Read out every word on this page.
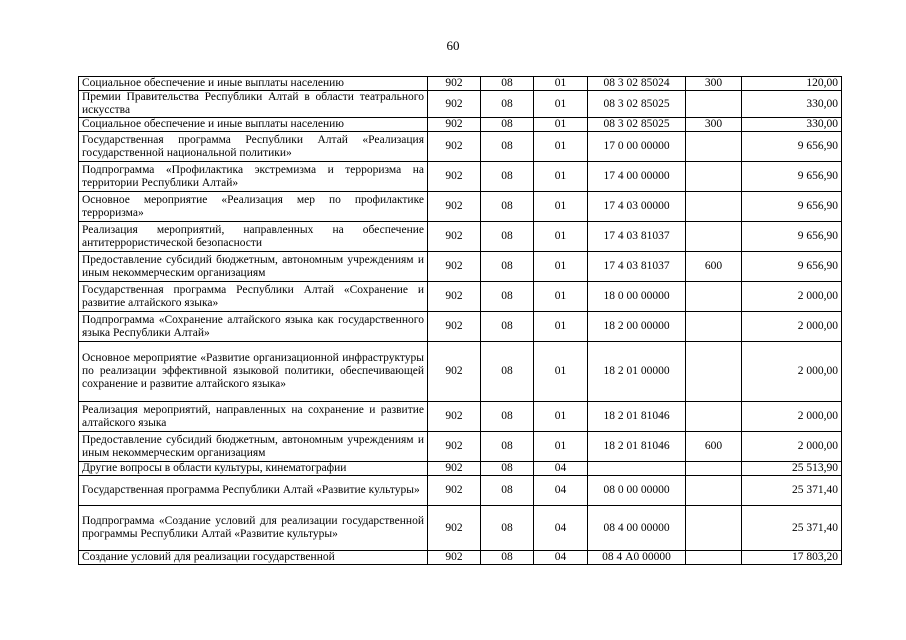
60
Социальное обеспечение и иные выплаты населению	902	08	01	08 3 02 85024	300	120,00
Премии Правительства Республики Алтай в области театрального искусства	902	08	01	08 3 02 85025		330,00
Социальное обеспечение и иные выплаты населению	902	08	01	08 3 02 85025	300	330,00
Государственная программа Республики Алтай «Реализация государственной национальной политики»	902	08	01	17 0 00 00000		9 656,90
Подпрограмма «Профилактика экстремизма и терроризма на территории Республики Алтай»	902	08	01	17 4 00 00000		9 656,90
Основное мероприятие «Реализация мер по профилактике терроризма»	902	08	01	17 4 03 00000		9 656,90
Реализация мероприятий, направленных на обеспечение антитеррористической безопасности	902	08	01	17 4 03 81037		9 656,90
Предоставление субсидий бюджетным, автономным учреждениям и иным некоммерческим организациям	902	08	01	17 4 03 81037	600	9 656,90
Государственная программа Республики Алтай «Сохранение и развитие алтайского языка»	902	08	01	18 0 00 00000		2 000,00
Подпрограмма «Сохранение алтайского языка как государственного языка Республики Алтай»	902	08	01	18 2 00 00000		2 000,00
Основное мероприятие «Развитие организационной инфраструктуры по реализации эффективной языковой политики, обеспечивающей сохранение и развитие алтайского языка»	902	08	01	18 2 01 00000		2 000,00
Реализация мероприятий, направленных на сохранение и развитие алтайского языка	902	08	01	18 2 01 81046		2 000,00
Предоставление субсидий бюджетным, автономным учреждениям и иным некоммерческим организациям	902	08	01	18 2 01 81046	600	2 000,00
Другие вопросы в области культуры, кинематографии	902	08	04			25 513,90
Государственная программа Республики Алтай «Развитие культуры»	902	08	04	08 0 00 00000		25 371,40
Подпрограмма «Создание условий для реализации государственной программы Республики Алтай «Развитие культуры»	902	08	04	08 4 00 00000		25 371,40
Создание условий для реализации государственной	902	08	04	08 4 А0 00000		17 803,20
